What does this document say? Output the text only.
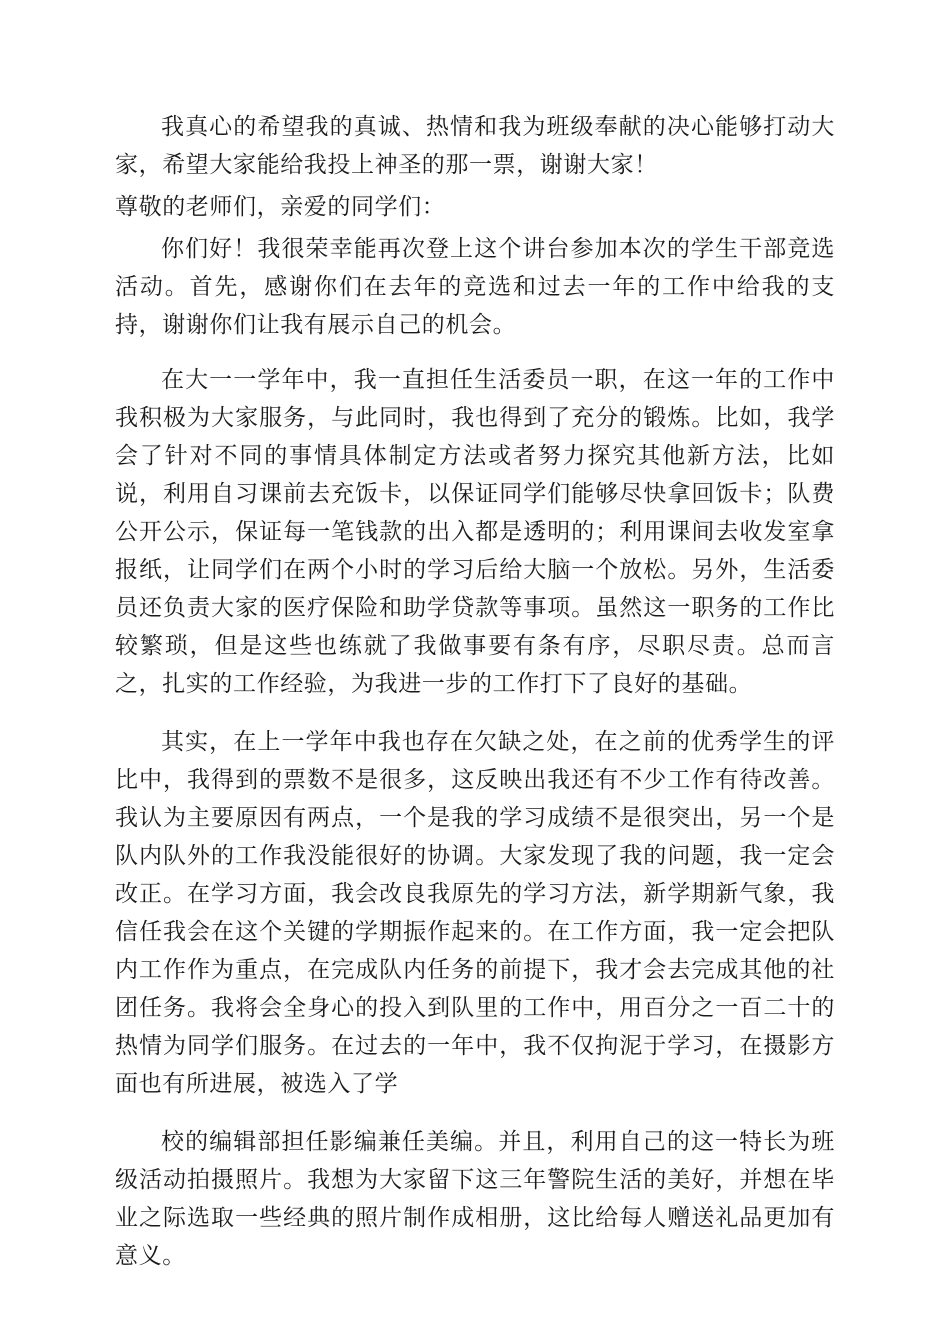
我真心的希望我的真诚、热情和我为班级奉献的决心能够打动大家，希望大家能给我投上神圣的那一票，谢谢大家！

尊敬的老师们，亲爱的同学们：

你们好！我很荣幸能再次登上这个讲台参加本次的学生干部竞选活动。首先，感谢你们在去年的竞选和过去一年的工作中给我的支持，谢谢你们让我有展示自己的机会。

在大一一学年中，我一直担任生活委员一职，在这一年的工作中我积极为大家服务，与此同时，我也得到了充分的锻炼。比如，我学会了针对不同的事情具体制定方法或者努力探究其他新方法，比如说，利用自习课前去充饭卡，以保证同学们能够尽快拿回饭卡；队费公开公示，保证每一笔钱款的出入都是透明的；利用课间去收发室拿报纸，让同学们在两个小时的学习后给大脑一个放松。另外，生活委员还负责大家的医疗保险和助学贷款等事项。虽然这一职务的工作比较繁琐，但是这些也练就了我做事要有条有序，尽职尽责。总而言之，扎实的工作经验，为我进一步的工作打下了良好的基础。

其实，在上一学年中我也存在欠缺之处，在之前的优秀学生的评比中，我得到的票数不是很多，这反映出我还有不少工作有待改善。我认为主要原因有两点，一个是我的学习成绩不是很突出，另一个是队内队外的工作我没能很好的协调。大家发现了我的问题，我一定会改正。在学习方面，我会改良我原先的学习方法，新学期新气象，我信任我会在这个关键的学期振作起来的。在工作方面，我一定会把队内工作作为重点，在完成队内任务的前提下，我才会去完成其他的社团任务。我将会全身心的投入到队里的工作中，用百分之一百二十的热情为同学们服务。在过去的一年中，我不仅拘泥于学习，在摄影方面也有所进展，被选入了学

校的编辑部担任影编兼任美编。并且，利用自己的这一特长为班级活动拍摄照片。我想为大家留下这三年警院生活的美好，并想在毕业之际选取一些经典的照片制作成相册，这比给每人赠送礼品更加有意义。
